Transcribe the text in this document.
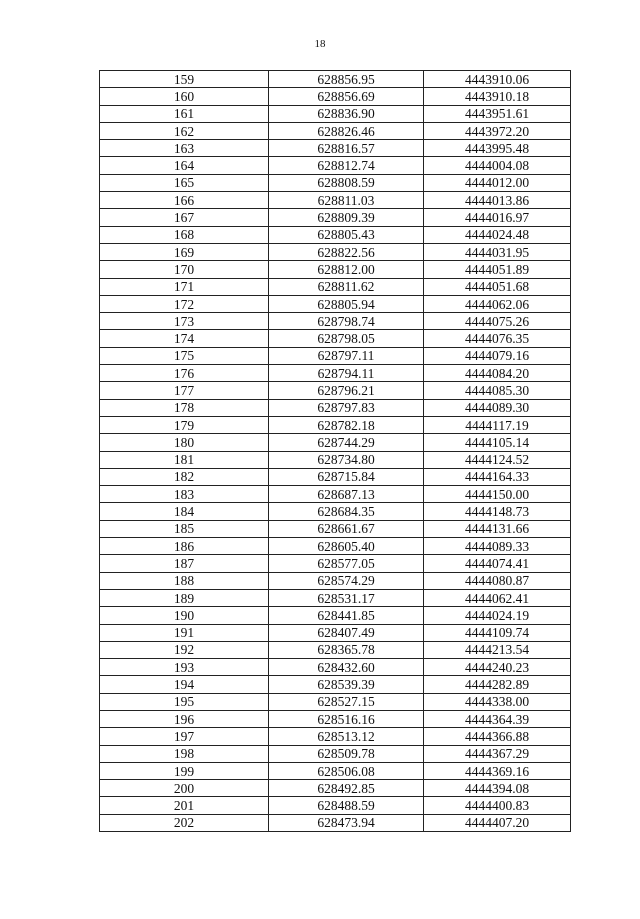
18
159	628856.95	4443910.06
160	628856.69	4443910.18
161	628836.90	4443951.61
162	628826.46	4443972.20
163	628816.57	4443995.48
164	628812.74	4444004.08
165	628808.59	4444012.00
166	628811.03	4444013.86
167	628809.39	4444016.97
168	628805.43	4444024.48
169	628822.56	4444031.95
170	628812.00	4444051.89
171	628811.62	4444051.68
172	628805.94	4444062.06
173	628798.74	4444075.26
174	628798.05	4444076.35
175	628797.11	4444079.16
176	628794.11	4444084.20
177	628796.21	4444085.30
178	628797.83	4444089.30
179	628782.18	4444117.19
180	628744.29	4444105.14
181	628734.80	4444124.52
182	628715.84	4444164.33
183	628687.13	4444150.00
184	628684.35	4444148.73
185	628661.67	4444131.66
186	628605.40	4444089.33
187	628577.05	4444074.41
188	628574.29	4444080.87
189	628531.17	4444062.41
190	628441.85	4444024.19
191	628407.49	4444109.74
192	628365.78	4444213.54
193	628432.60	4444240.23
194	628539.39	4444282.89
195	628527.15	4444338.00
196	628516.16	4444364.39
197	628513.12	4444366.88
198	628509.78	4444367.29
199	628506.08	4444369.16
200	628492.85	4444394.08
201	628488.59	4444400.83
202	628473.94	4444407.20
